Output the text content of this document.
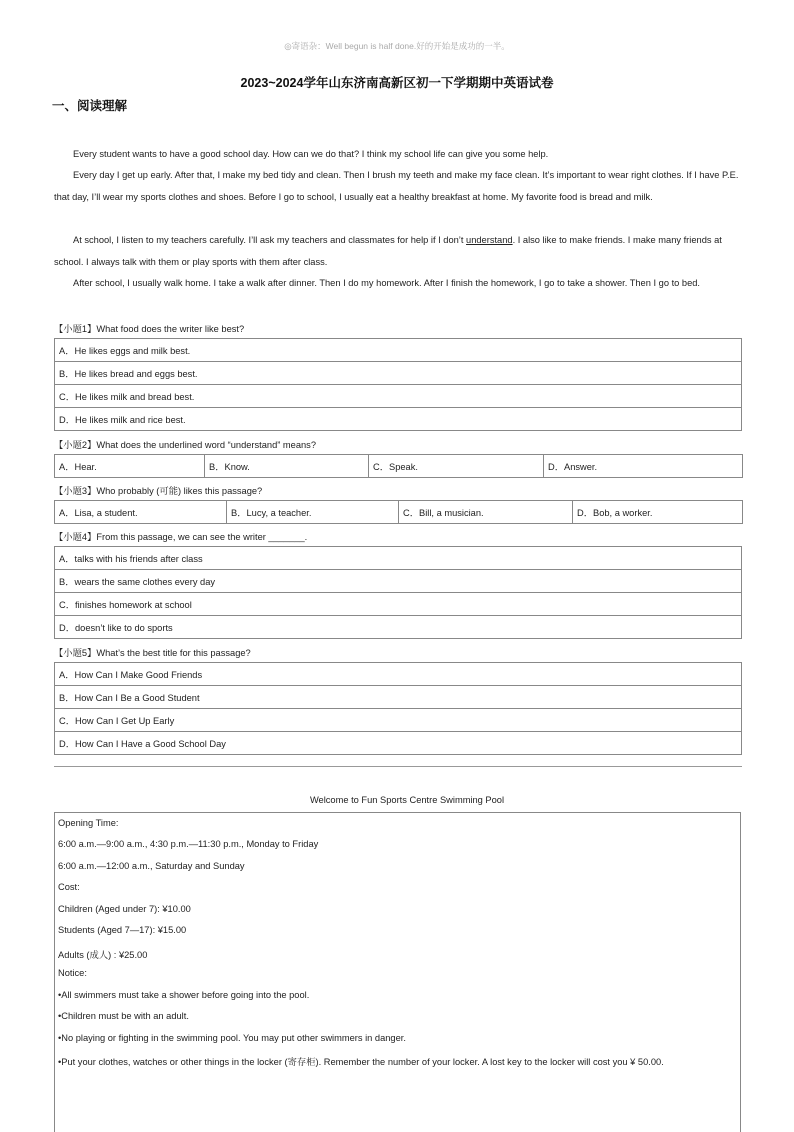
◎寄语杂：Well begun is half done.好的开始是成功的一半。
2023~2024学年山东济南高新区初一下学期期中英语试卷
一、阅读理解
Every student wants to have a good school day. How can we do that? I think my school life can give you some help.
Every day I get up early. After that, I make my bed tidy and clean. Then I brush my teeth and make my face clean. It’s important to wear right clothes. If I have P.E. that day, I’ll wear my sports clothes and shoes. Before I go to school, I usually eat a healthy breakfast at home. My favorite food is bread and milk.
At school, I listen to my teachers carefully. I’ll ask my teachers and classmates for help if I don’t understand. I also like to make friends. I make many friends at school. I always talk with them or play sports with them after class.
After school, I usually walk home. I take a walk after dinner. Then I do my homework. After I finish the homework, I go to take a shower. Then I go to bed.
【小题1】What food does the writer like best?
A．He likes eggs and milk best.
B．He likes bread and eggs best.
C．He likes milk and bread best.
D．He likes milk and rice best.
【小题2】What does the underlined word “understand” means?
A．Hear.	B．Know.	C．Speak.	D．Answer.
【小题3】Who probably (可能) likes this passage?
A．Lisa, a student.	B．Lucy, a teacher.	C．Bill, a musician.	D．Bob, a worker.
【小题4】From this passage, we can see the writer _______.
A．talks with his friends after class
B．wears the same clothes every day
C．finishes homework at school
D．doesn’t like to do sports
【小题5】What’s the best title for this passage?
A．How Can I Make Good Friends
B．How Can I Be a Good Student
C．How Can I Get Up Early
D．How Can I Have a Good School Day
Welcome to Fun Sports Centre Swimming Pool
Opening Time:
6:00 a.m.—9:00 a.m., 4:30 p.m.—11:30 p.m., Monday to Friday
6:00 a.m.—12:00 a.m., Saturday and Sunday
Cost:
Children (Aged under 7): ¥10.00
Students (Aged 7—17): ¥15.00
Adults (成人) : ¥25.00
Notice:
•All swimmers must take a shower before going into the pool.
•Children must be with an adult.
•No playing or fighting in the swimming pool. You may put other swimmers in danger.
•Put your clothes, watches or other things in the locker (寄存柜). Remember the number of your locker. A lost key to the locker will cost you ¥ 50.00.
